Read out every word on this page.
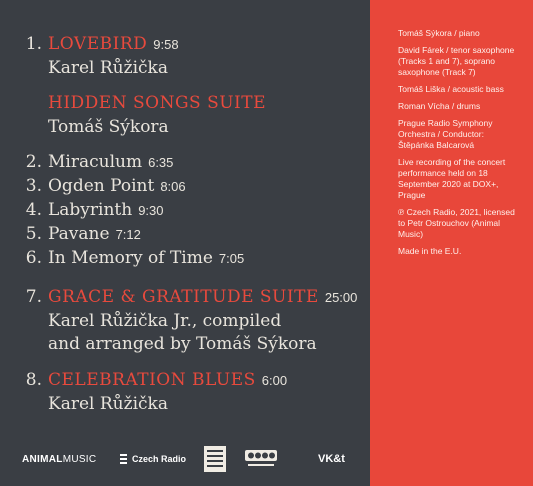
1. LOVEBIRD 9:58
Karel Růžička
HIDDEN SONGS SUITE
Tomáš Sýkora
2. Miraculum 6:35
3. Ogden Point 8:06
4. Labyrinth 9:30
5. Pavane 7:12
6. In Memory of Time 7:05
7. GRACE & GRATITUDE SUITE 25:00
Karel Růžička Jr., compiled
and arranged by Tomáš Sýkora
8. CELEBRATION BLUES 6:00
Karel Růžička
Tomáš Sýkora / piano
David Fárek / tenor saxophone (Tracks 1 and 7), soprano saxophone (Track 7)
Tomáš Liška / acoustic bass
Roman Vícha / drums
Prague Radio Symphony Orchestra / Conductor: Štěpánka Balcarová
Live recording of the concert performance held on 18 September 2020 at DOX+, Prague
℗ Czech Radio, 2021, licensed to Petr Ostrouchov (Animal Music)
Made in the E.U.
ANIMAL MUSIC	Czech Radio	VK&t
